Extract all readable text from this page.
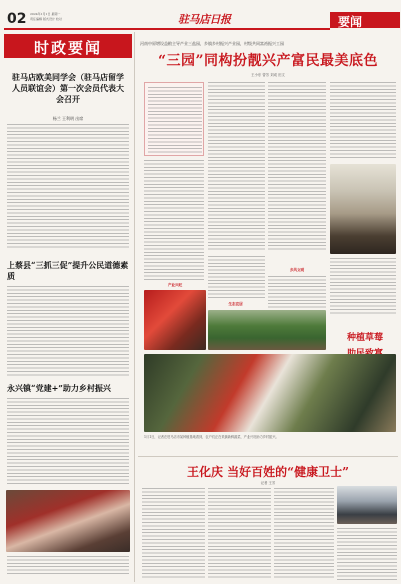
02 2024年1月1日 星期一
责任编辑 版式设计 校对	驻马店日报	要闻
时政要闻
驻马店欧美同学会（驻马店留学人员联谊会）第一次会员代表大会召开
杨兰 王利明 出席
上蔡县“三抓三促”提升公民道德素质
永兴镇“党建+”助力乡村振兴
河南中原增设益粮主导产业三盐园，乡镇乡村振兴产业园，村级共同富裕振兴工园
“三园”同构扮靓兴产富民最美底色
王小东 曾芳 刘成 田文
产业兴旺
生态宜居
乡风文明
种植草莓
1月1日，记者在驻马店市某种植基地看到，农户们正在采摘新鲜蔬菜，产业兴旺助力乡村振兴。
王化庆 当好百姓的“健康卫士”
记者 王芳
